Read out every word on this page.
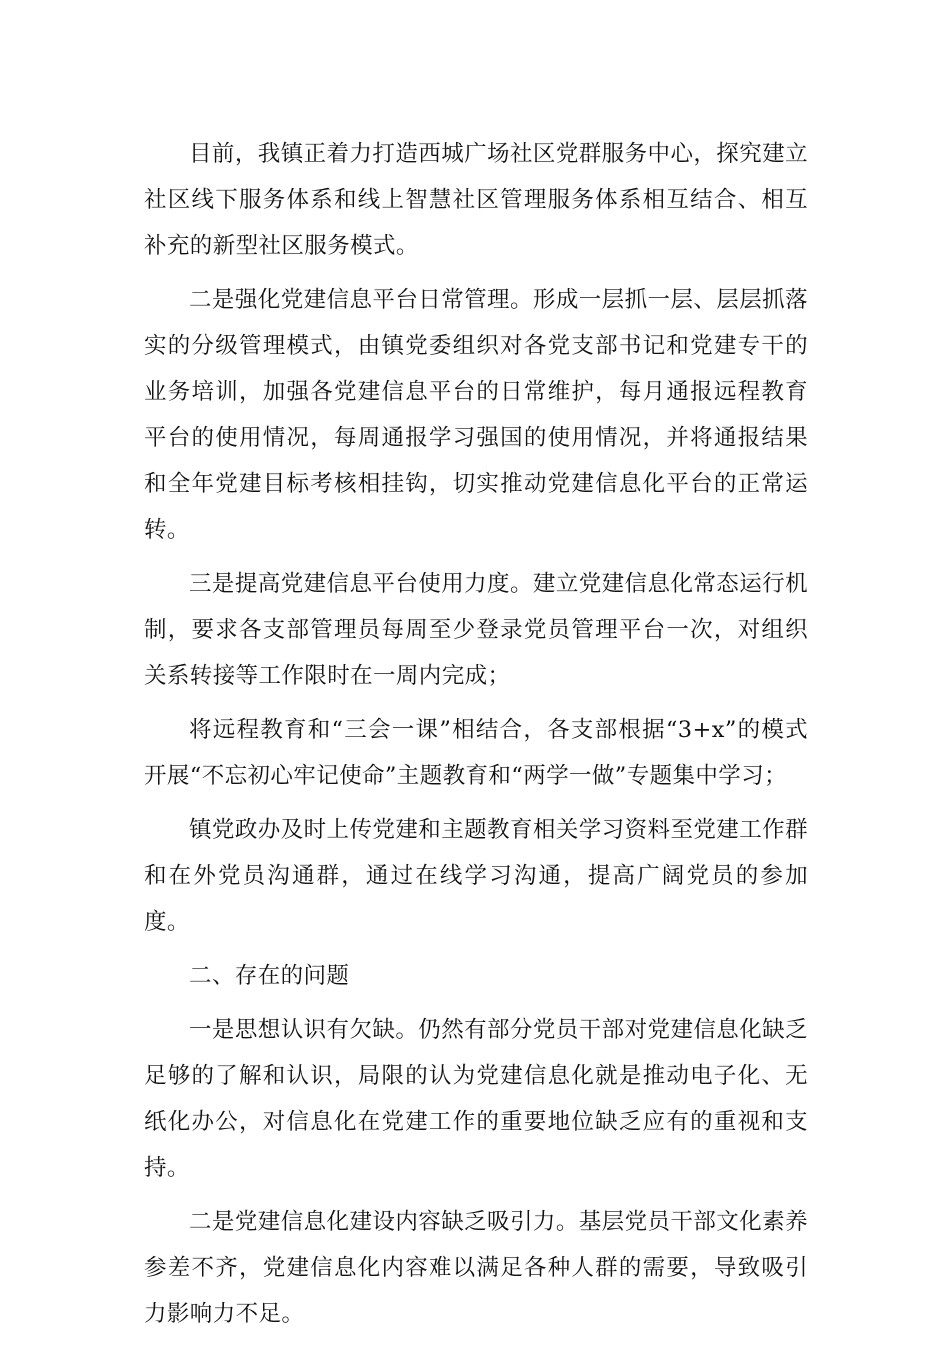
目前，我镇正着力打造西城广场社区党群服务中心，探究建立社区线下服务体系和线上智慧社区管理服务体系相互结合、相互补充的新型社区服务模式。

二是强化党建信息平台日常管理。形成一层抓一层、层层抓落实的分级管理模式，由镇党委组织对各党支部书记和党建专干的业务培训，加强各党建信息平台的日常维护，每月通报远程教育平台的使用情况，每周通报学习强国的使用情况，并将通报结果和全年党建目标考核相挂钩，切实推动党建信息化平台的正常运转。

三是提高党建信息平台使用力度。建立党建信息化常态运行机制，要求各支部管理员每周至少登录党员管理平台一次，对组织关系转接等工作限时在一周内完成；

将远程教育和“三会一课”相结合，各支部根据“3+x”的模式开展“不忘初心牢记使命”主题教育和“两学一做”专题集中学习；

镇党政办及时上传党建和主题教育相关学习资料至党建工作群和在外党员沟通群，通过在线学习沟通，提高广阔党员的参加度。

二、存在的问题

一是思想认识有欠缺。仍然有部分党员干部对党建信息化缺乏足够的了解和认识，局限的认为党建信息化就是推动电子化、无纸化办公，对信息化在党建工作的重要地位缺乏应有的重视和支持。

二是党建信息化建设内容缺乏吸引力。基层党员干部文化素养参差不齐，党建信息化内容难以满足各种人群的需要，导致吸引力影响力不足。
